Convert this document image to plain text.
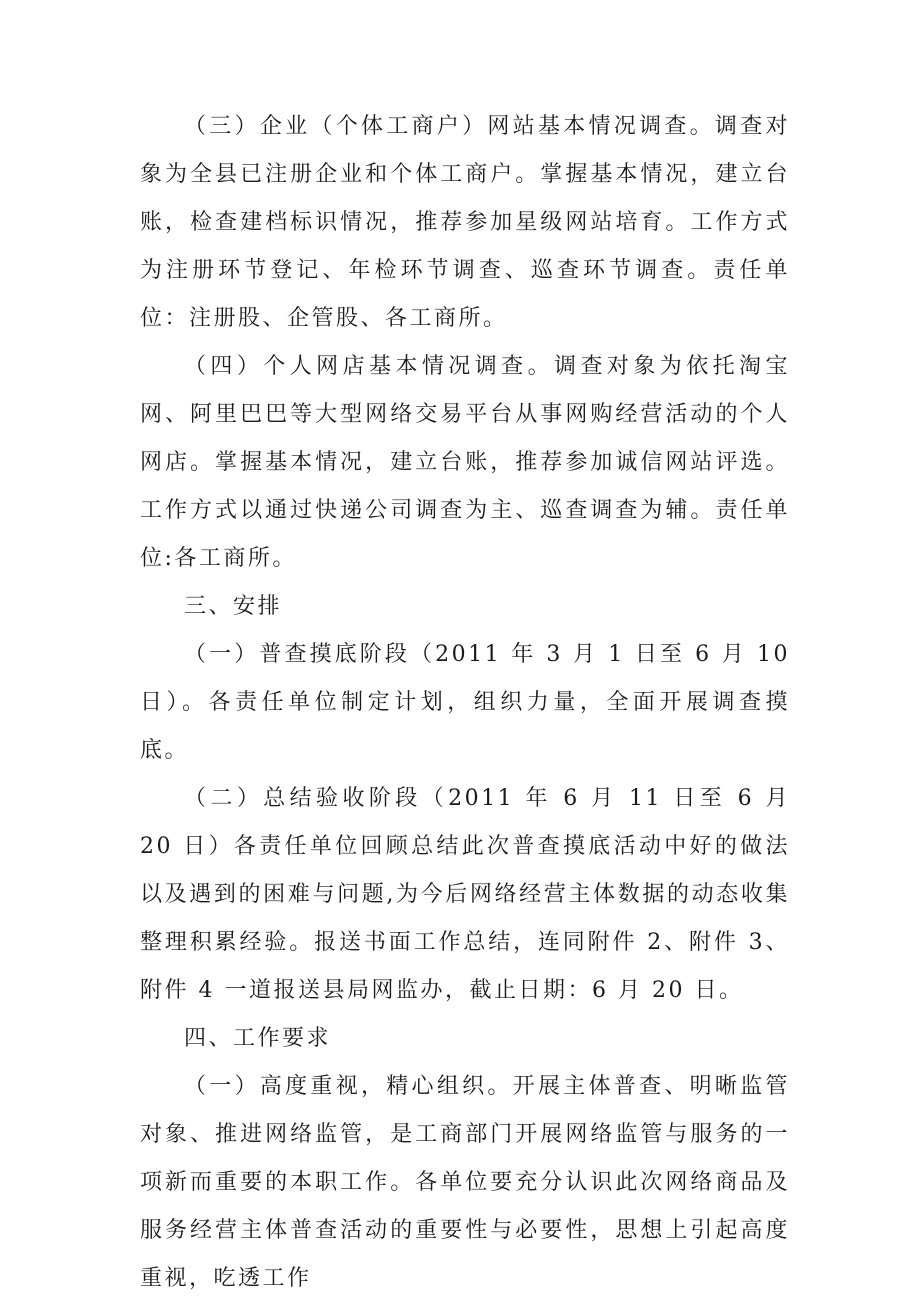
（三）企业（个体工商户）网站基本情况调查。调查对象为全县已注册企业和个体工商户。掌握基本情况，建立台账，检查建档标识情况，推荐参加星级网站培育。工作方式为注册环节登记、年检环节调查、巡查环节调查。责任单位：注册股、企管股、各工商所。

（四）个人网店基本情况调查。调查对象为依托淘宝网、阿里巴巴等大型网络交易平台从事网购经营活动的个人网店。掌握基本情况，建立台账，推荐参加诚信网站评选。工作方式以通过快递公司调查为主、巡查调查为辅。责任单位:各工商所。

三、安排

（一）普查摸底阶段（2011 年 3 月 1 日至 6 月 10 日）。各责任单位制定计划，组织力量，全面开展调查摸底。

（二）总结验收阶段（2011 年 6 月 11 日至 6 月 20 日）各责任单位回顾总结此次普查摸底活动中好的做法以及遇到的困难与问题,为今后网络经营主体数据的动态收集整理积累经验。报送书面工作总结，连同附件 2、附件 3、附件 4 一道报送县局网监办，截止日期：6 月 20 日。

四、工作要求

（一）高度重视，精心组织。开展主体普查、明晰监管对象、推进网络监管，是工商部门开展网络监管与服务的一项新而重要的本职工作。各单位要充分认识此次网络商品及服务经营主体普查活动的重要性与必要性，思想上引起高度重视，吃透工作
